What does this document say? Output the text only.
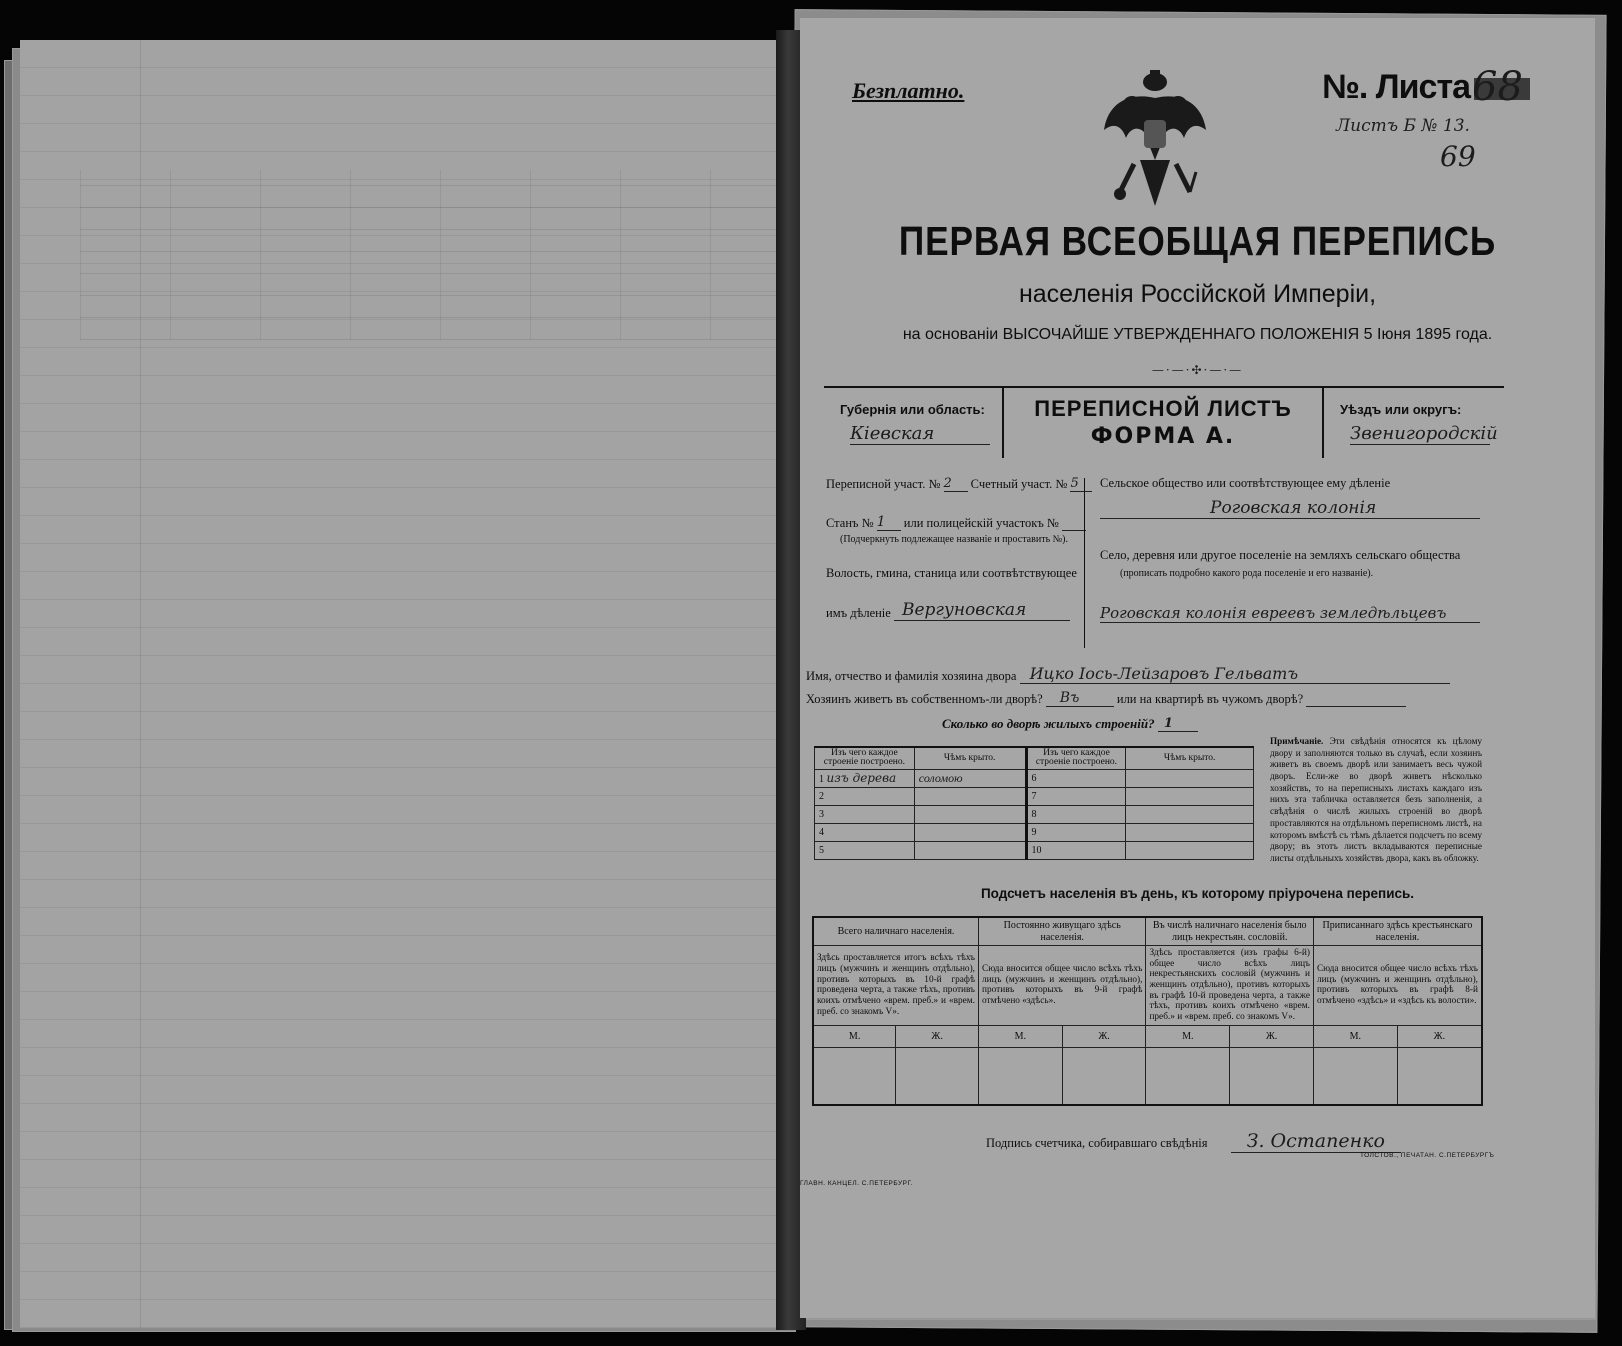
Безплатно.	№. Листа 68
Листъ Б № 13.
69
ПЕРВАЯ ВСЕОБЩАЯ ПЕРЕПИСЬ
населенія Россійской Имперіи,
на основаніи ВЫСОЧАЙШЕ УТВЕРЖДЕННАГО ПОЛОЖЕНІЯ 5 Іюня 1895 года.
—·—·✣·—·—
Губернія или область:
Кіевская
ПЕРЕПИСНОЙ ЛИСТЪ
ФОРМА А.
Уѣздъ или округъ:
Звенигородскій
Переписной участ. № 2 Счетный участ. № 5
Станъ № 1 или полицейскій участокъ №
(Подчеркнуть подлежащее названіе и проставить №).
Волость, гмина, станица или соотвѣтствующее
имъ дѣленіе Вергуновская
Сельское общество или соотвѣтствующее ему дѣленіе
Роговская колонія
Село, деревня или другое поселеніе на земляхъ сельскаго общества
(прописать подробно какого рода поселеніе и его названіе).
Роговская колонія евреевъ земледѣльцевъ
Имя, отчество и фамилія хозяина двора Ицко Іось-Лейзаровъ Гельватъ
Хозяинъ живетъ въ собственномъ-ли дворѣ? Въ	или на квартирѣ въ чужомъ дворѣ?
Сколько во дворѣ жилыхъ строеній? 1
Изъ чего каждое строеніе построено.	Чѣмъ крыто.	Изъ чего каждое строеніе построено.	Чѣмъ крыто.
1 изъ дерева	соломою	6	
2		7	
3		8	
4		9	
5		10	
Примѣчаніе. Эти свѣдѣнія относятся къ цѣлому двору и заполняются только въ случаѣ, если хозяинъ живетъ въ своемъ дворѣ или занимаетъ весь чужой дворъ. Если-же во дворѣ живетъ нѣсколько хозяйствъ, то на переписныхъ листахъ каждаго изъ нихъ эта табличка оставляется безъ заполненія, а свѣдѣнія о числѣ жилыхъ строеній во дворѣ проставляются на отдѣльномъ переписномъ листѣ, на которомъ вмѣстѣ съ тѣмъ дѣлается подсчетъ по всему двору; въ этотъ листъ вкладываются переписные листы отдѣльныхъ хозяйствъ двора, какъ въ обложку.
Подсчетъ населенія въ день, къ которому пріурочена перепись.
Всего наличнаго населенія.		Постоянно живущаго здѣсь населенія.		Въ числѣ наличнаго населенія было лицъ некрестьян. сословій.		Приписаннаго здѣсь крестьянскаго населенія.	
Здѣсь проставляется итогъ всѣхъ тѣхъ лицъ (мужчинъ и женщинъ отдѣльно), противъ которыхъ въ 10-й графѣ проведена черта, а также тѣхъ, противъ коихъ отмѣчено «врем. преб.» и «врем. преб. со знакомъ V».		Сюда вносится общее число всѣхъ тѣхъ лицъ (мужчинъ и женщинъ отдѣльно), противъ которыхъ въ 9-й графѣ отмѣчено «здѣсь».		Здѣсь проставляется (изъ графы 6-й) общее число всѣхъ лицъ некрестьянскихъ сословій (мужчинъ и женщинъ отдѣльно), противъ которыхъ въ графѣ 10-й проведена черта, а также тѣхъ, противъ коихъ отмѣчено «врем. преб.» и «врем. преб. со знакомъ V».		Сюда вносится общее число всѣхъ тѣхъ лицъ (мужчинъ и женщинъ отдѣльно), противъ которыхъ въ графѣ 8-й отмѣчено «здѣсь» и «здѣсь къ волости».	
М.	Ж.	М.	Ж.	М.	Ж.	М.	Ж.

Подпись счетчика, собиравшаго свѣдѣнія З. Остапенко
ГЛАВН. КАНЦЕЛ. С.ПЕТЕРБУРГ.
ТОЛСТОВ., ПЕЧАТАН. С.ПЕТЕРБУРГЪ
